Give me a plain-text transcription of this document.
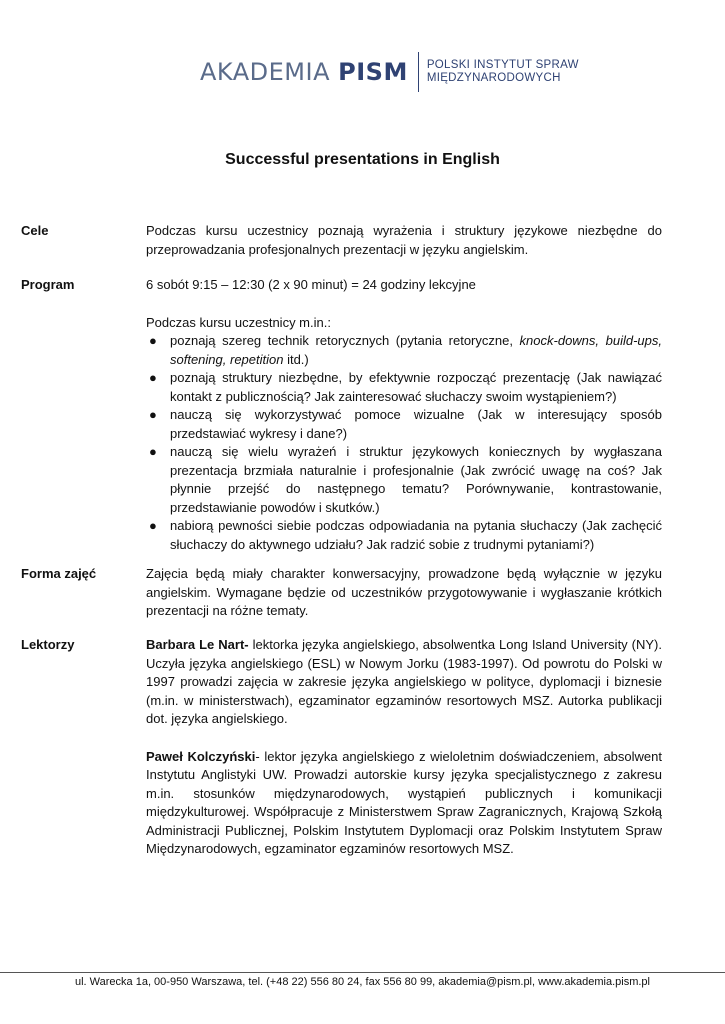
AKADEMIA PISM POLSKI INSTYTUT SPRAW
MIĘDZYNARODOWYCH
Successful presentations in English
Cele	Podczas kursu uczestnicy poznają wyrażenia i struktury językowe niezbędne do przeprowadzania profesjonalnych prezentacji w języku angielskim.

Program	6 sobót 9:15 – 12:30 (2 x 90 minut) = 24 godziny lekcyjne

Podczas kursu uczestnicy m.in.:

● poznają szereg technik retorycznych (pytania retoryczne, knock-downs, build-ups, softening, repetition itd.)
● poznają struktury niezbędne, by efektywnie rozpocząć prezentację (Jak nawiązać kontakt z publicznością? Jak zainteresować słuchaczy swoim wystąpieniem?)
● nauczą się wykorzystywać pomoce wizualne (Jak w interesujący sposób przedstawiać wykresy i dane?)
● nauczą się wielu wyrażeń i struktur językowych koniecznych by wygłaszana prezentacja brzmiała naturalnie i profesjonalnie (Jak zwrócić uwagę na coś? Jak płynnie przejść do następnego tematu? Porównywanie, kontrastowanie, przedstawianie powodów i skutków.)
● nabiorą pewności siebie podczas odpowiadania na pytania słuchaczy (Jak zachęcić słuchaczy do aktywnego udziału? Jak radzić sobie z trudnymi pytaniami?)
Forma zajęć	Zajęcia będą miały charakter konwersacyjny, prowadzone będą wyłącznie w języku angielskim. Wymagane będzie od uczestników przygotowywanie i wygłaszanie krótkich prezentacji na różne tematy.

Lektorzy	Barbara Le Nart- lektorka języka angielskiego, absolwentka Long Island University (NY). Uczyła języka angielskiego (ESL) w Nowym Jorku (1983-1997). Od powrotu do Polski w 1997 prowadzi zajęcia w zakresie języka angielskiego w polityce, dyplomacji i biznesie (m.in. w ministerstwach), egzaminator egzaminów resortowych MSZ. Autorka publikacji dot. języka angielskiego.

Paweł Kolczyński- lektor języka angielskiego z wieloletnim doświadczeniem, absolwent Instytutu Anglistyki UW. Prowadzi autorskie kursy języka specjalistycznego z zakresu m.in. stosunków międzynarodowych, wystąpień publicznych i komunikacji międzykulturowej. Współpracuje z Ministerstwem Spraw Zagranicznych, Krajową Szkołą Administracji Publicznej, Polskim Instytutem Dyplomacji oraz Polskim Instytutem Spraw Międzynarodowych, egzaminator egzaminów resortowych MSZ.

ul. Warecka 1a, 00-950 Warszawa, tel. (+48 22) 556 80 24, fax 556 80 99, akademia@pism.pl, www.akademia.pism.pl
